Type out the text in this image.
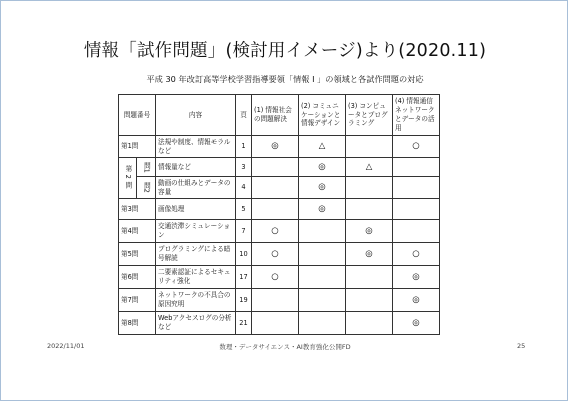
情報「試作問題」(検討用イメージ)より(2020.11)
平成 30 年改訂高等学校学習指導要領「情報 I 」の領域と各試作問題の対応
問題番号		内容	頁	(1) 情報社会の問題解決	(2) コミュニケーションと情報デザイン	(3) コンピュータとプログラミング	(4) 情報通信ネットワークとデータの活用
第1問		法規や制度、情報モラルなど	1	◎	△		○
第2問	問1	情報量など	3		◎	△	
	問2	動画の仕組みとデータの容量	4		◎		
第3問		画像処理	5		◎		
第4問		交通渋滞シミュレーション	7	○		◎	
第5問		プログラミングによる暗号解読	10	○		◎	○
第6問		二要素認証によるセキュリティ強化	17	○			◎
第7問		ネットワークの不具合の原因究明	19				◎
第8問		Webアクセスログの分析など	21				◎
2022/11/01	数理・データサイエンス・AI教育強化公開FD	25
